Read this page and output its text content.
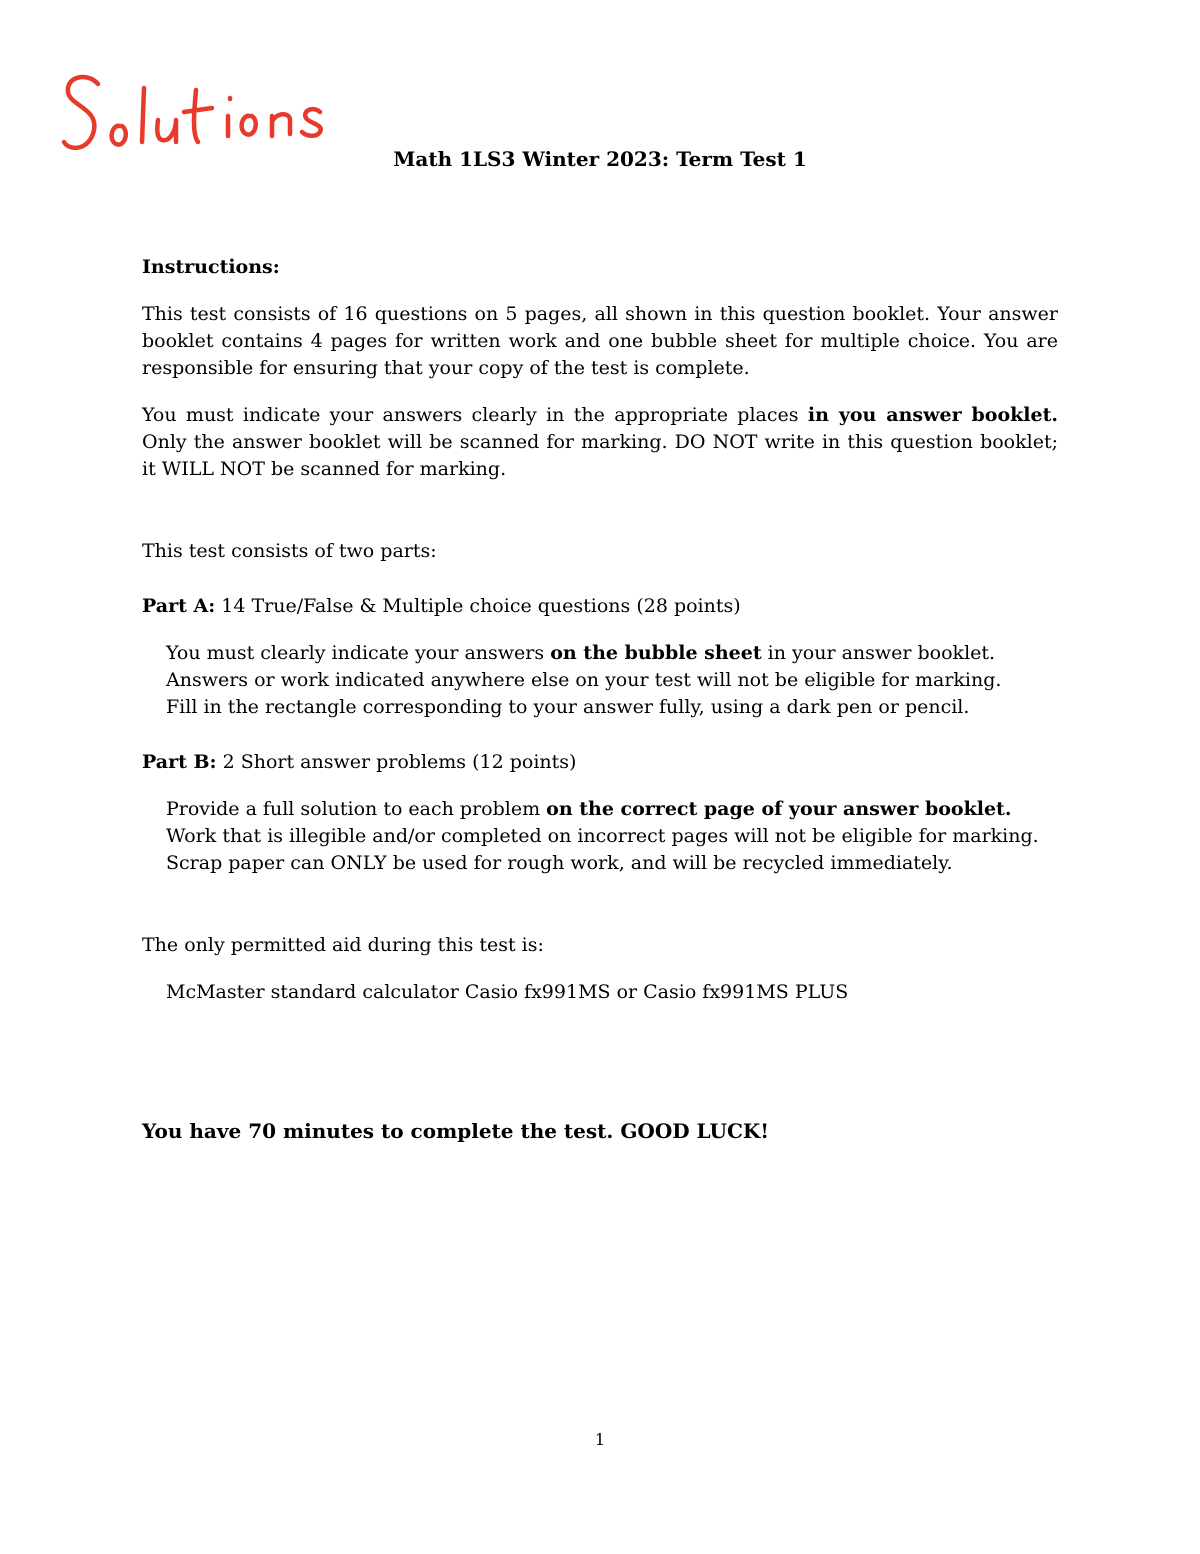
Math 1LS3 Winter 2023: Term Test 1

Instructions:

This test consists of 16 questions on 5 pages, all shown in this question booklet. Your answer booklet contains 4 pages for written work and one bubble sheet for multiple choice. You are responsible for ensuring that your copy of the test is complete.

You must indicate your answers clearly in the appropriate places in you answer booklet. Only the answer booklet will be scanned for marking. DO NOT write in this question booklet; it WILL NOT be scanned for marking.

This test consists of two parts:

Part A: 14 True/False & Multiple choice questions (28 points)

You must clearly indicate your answers on the bubble sheet in your answer booklet.

Answers or work indicated anywhere else on your test will not be eligible for marking.

Fill in the rectangle corresponding to your answer fully, using a dark pen or pencil.

Part B: 2 Short answer problems (12 points)

Provide a full solution to each problem on the correct page of your answer booklet.

Work that is illegible and/or completed on incorrect pages will not be eligible for marking.

Scrap paper can ONLY be used for rough work, and will be recycled immediately.

The only permitted aid during this test is:

McMaster standard calculator Casio fx991MS or Casio fx991MS PLUS

You have 70 minutes to complete the test. GOOD LUCK!

1
